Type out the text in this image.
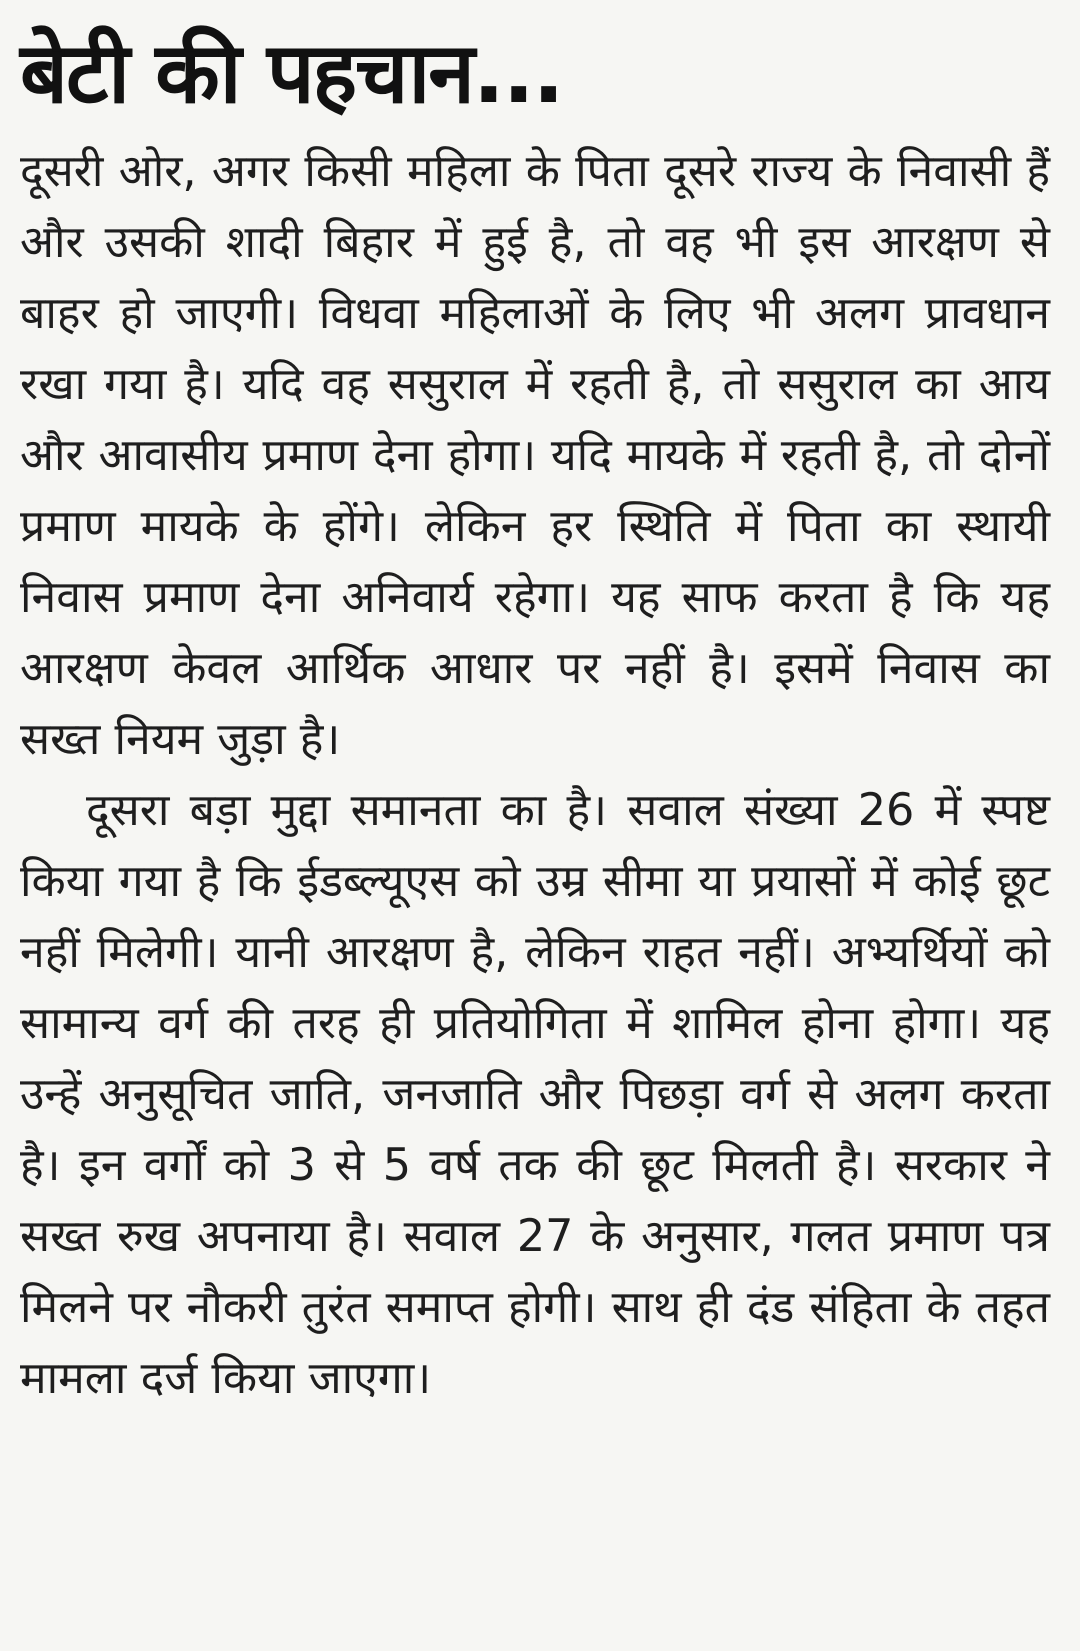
बेटी की पहचान...

दूसरी ओर, अगर किसी महिला के पिता दूसरे राज्य के निवासी हैं और उसकी शादी बिहार में हुई है, तो वह भी इस आरक्षण से बाहर हो जाएगी। विधवा महिलाओं के लिए भी अलग प्रावधान रखा गया है। यदि वह ससुराल में रहती है, तो ससुराल का आय और आवासीय प्रमाण देना होगा। यदि मायके में रहती है, तो दोनों प्रमाण मायके के होंगे। लेकिन हर स्थिति में पिता का स्थायी निवास प्रमाण देना अनिवार्य रहेगा। यह साफ करता है कि यह आरक्षण केवल आर्थिक आधार पर नहीं है। इसमें निवास का सख्त नियम जुड़ा है।

दूसरा बड़ा मुद्दा समानता का है। सवाल संख्या 26 में स्पष्ट किया गया है कि ईडब्ल्यूएस को उम्र सीमा या प्रयासों में कोई छूट नहीं मिलेगी। यानी आरक्षण है, लेकिन राहत नहीं। अभ्यर्थियों को सामान्य वर्ग की तरह ही प्रतियोगिता में शामिल होना होगा। यह उन्हें अनुसूचित जाति, जनजाति और पिछड़ा वर्ग से अलग करता है। इन वर्गों को 3 से 5 वर्ष तक की छूट मिलती है। सरकार ने सख्त रुख अपनाया है। सवाल 27 के अनुसार, गलत प्रमाण पत्र मिलने पर नौकरी तुरंत समाप्त होगी। साथ ही दंड संहिता के तहत मामला दर्ज किया जाएगा।
